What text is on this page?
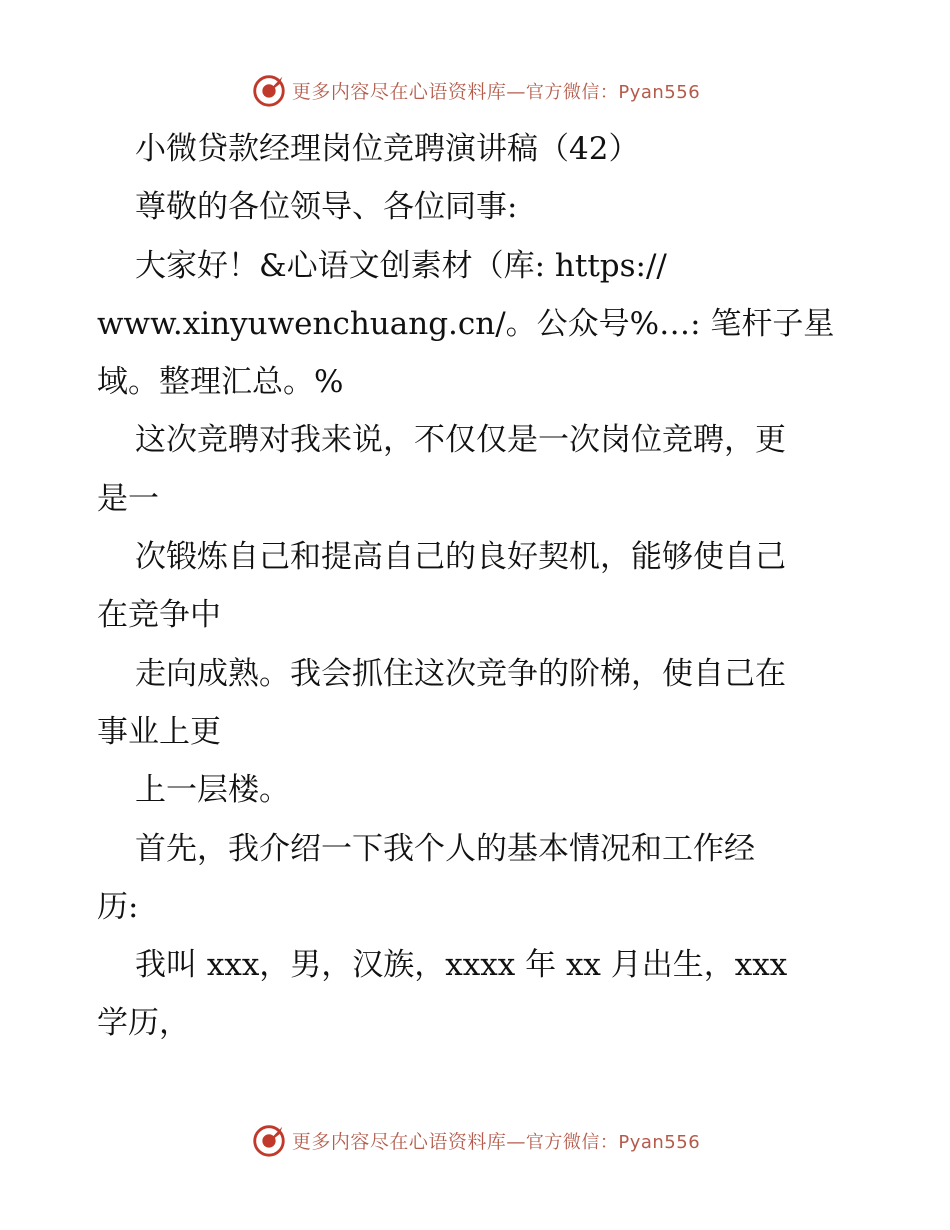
更多内容尽在心语资料库—官方微信：Pyan556
小微贷款经理岗位竞聘演讲稿（42）
尊敬的各位领导、各位同事:
大家好！&心语文创素材（库: https://
www.xinyuwenchuang.cn/。公众号%…: 笔杆子星
域。整理汇总。%
这次竞聘对我来说，不仅仅是一次岗位竞聘，更
是一
次锻炼自己和提高自己的良好契机，能够使自己
在竞争中
走向成熟。我会抓住这次竞争的阶梯，使自己在
事业上更
上一层楼。
首先，我介绍一下我个人的基本情况和工作经
历:
我叫 xxx，男，汉族，xxxx 年 xx 月出生，xxx
学历，
更多内容尽在心语资料库—官方微信：Pyan556
